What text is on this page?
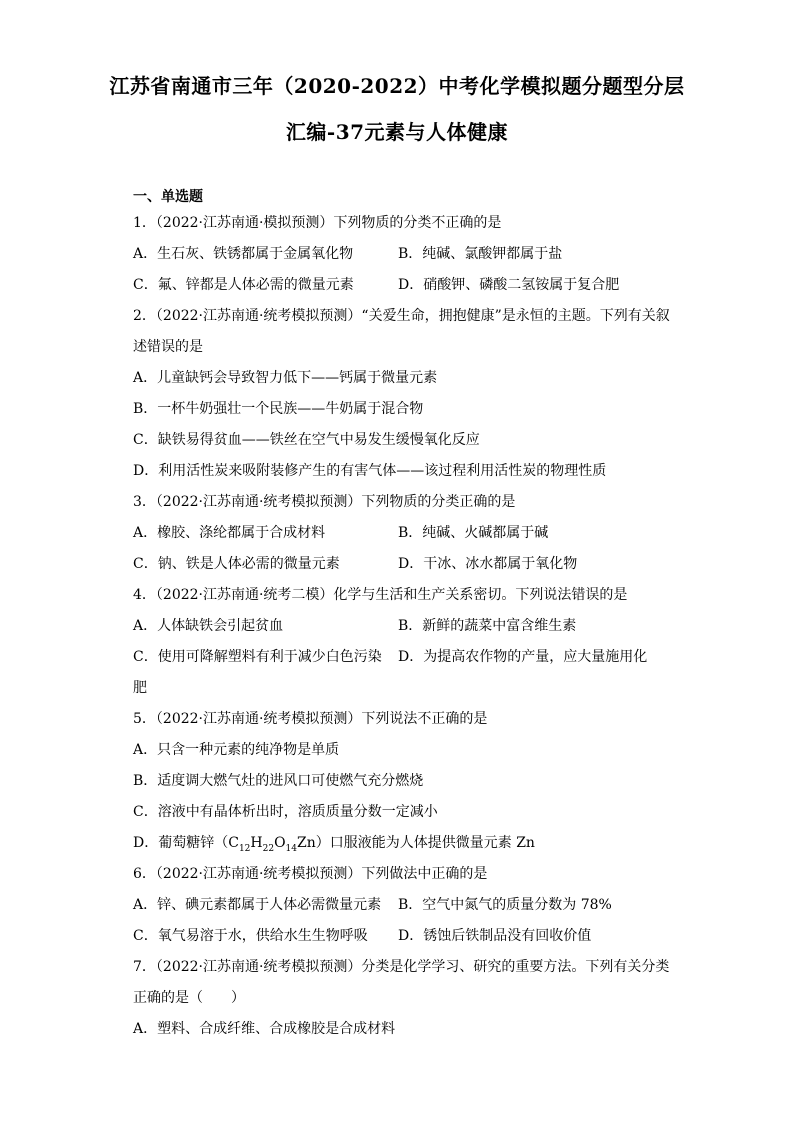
江苏省南通市三年（2020-2022）中考化学模拟题分题型分层
汇编-37元素与人体健康
一、单选题
1．（2022·江苏南通·模拟预测）下列物质的分类不正确的是
A．生石灰、铁锈都属于金属氧化物	B．纯碱、氯酸钾都属于盐
C．氟、锌都是人体必需的微量元素	D．硝酸钾、磷酸二氢铵属于复合肥
2．（2022·江苏南通·统考模拟预测）“关爱生命，拥抱健康”是永恒的主题。下列有关叙
述错误的是
A．儿童缺钙会导致智力低下——钙属于微量元素
B．一杯牛奶强壮一个民族——牛奶属于混合物
C．缺铁易得贫血——铁丝在空气中易发生缓慢氧化反应
D．利用活性炭来吸附装修产生的有害气体——该过程利用活性炭的物理性质
3．（2022·江苏南通·统考模拟预测）下列物质的分类正确的是
A．橡胶、涤纶都属于合成材料	B．纯碱、火碱都属于碱
C．钠、铁是人体必需的微量元素	D．干冰、冰水都属于氧化物
4．（2022·江苏南通·统考二模）化学与生活和生产关系密切。下列说法错误的是
A．人体缺铁会引起贫血	B．新鲜的蔬菜中富含维生素
C．使用可降解塑料有利于减少白色污染	D．为提高农作物的产量，应大量施用化
肥
5．（2022·江苏南通·统考模拟预测）下列说法不正确的是
A．只含一种元素的纯净物是单质
B．适度调大燃气灶的进风口可使燃气充分燃烧
C．溶液中有晶体析出时，溶质质量分数一定减小
D．葡萄糖锌$(C_{12}H_{22}O_{14}Zn)$口服液能为人体提供微量元素 Zn
6．（2022·江苏南通·统考模拟预测）下列做法中正确的是
A．锌、碘元素都属于人体必需微量元素	B．空气中氮气的质量分数为 78%
C．氧气易溶于水，供给水生生物呼吸	D．锈蚀后铁制品没有回收价值
7．（2022·江苏南通·统考模拟预测）分类是化学学习、研究的重要方法。下列有关分类
正确的是（　　）
A．塑料、合成纤维、合成橡胶是合成材料
